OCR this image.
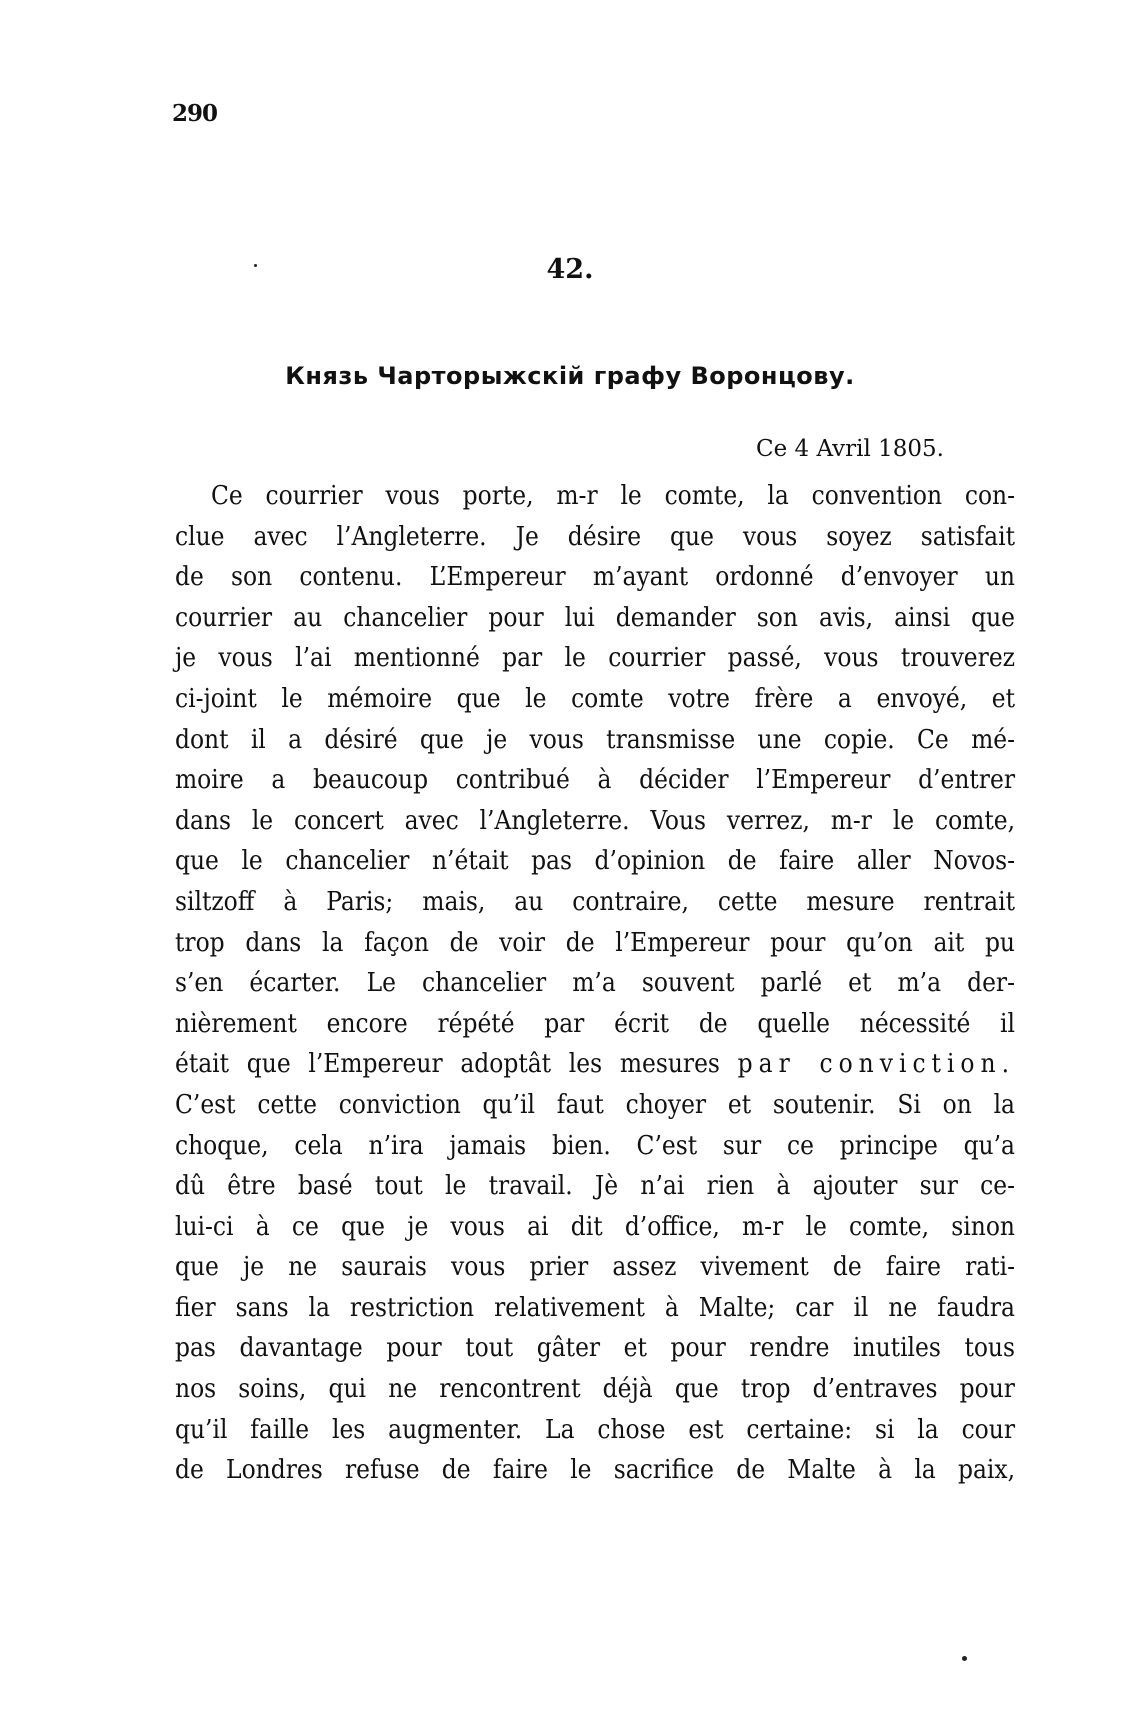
290
42.
Князь Чарторыжскій графу Воронцову.
Ce 4 Avril 1805.
Ce courrier vous porte, m-r le comte, la convention con-
clue avec l’Angleterre. Je désire que vous soyez satisfait
de son contenu. L’Empereur m’ayant ordonné d’envoyer un
courrier au chancelier pour lui demander son avis, ainsi que
je vous l’ai mentionné par le courrier passé, vous trouverez
ci-joint le mémoire que le comte votre frère a envoyé, et
dont il a désiré que je vous transmisse une copie. Ce mé-
moire a beaucoup contribué à décider l’Empereur d’entrer
dans le concert avec l’Angleterre. Vous verrez, m-r le comte,
que le chancelier n’était pas d’opinion de faire aller Novos-
siltzoff à Paris; mais, au contraire, cette mesure rentrait
trop dans la façon de voir de l’Empereur pour qu’on ait pu
s’en écarter. Le chancelier m’a souvent parlé et m’a der-
nièrement encore répété par écrit de quelle nécessité il
était que l’Empereur adoptât les mesures par conviction.
C’est cette conviction qu’il faut choyer et soutenir. Si on la
choque, cela n’ira jamais bien. C’est sur ce principe qu’a
dû être basé tout le travail. Jè n’ai rien à ajouter sur ce-
lui-ci à ce que je vous ai dit d’office, m-r le comte, sinon
que je ne saurais vous prier assez vivement de faire rati-
fier sans la restriction relativement à Malte; car il ne faudra
pas davantage pour tout gâter et pour rendre inutiles tous
nos soins, qui ne rencontrent déjà que trop d’entraves pour
qu’il faille les augmenter. La chose est certaine: si la cour
de Londres refuse de faire le sacrifice de Malte à la paix,
